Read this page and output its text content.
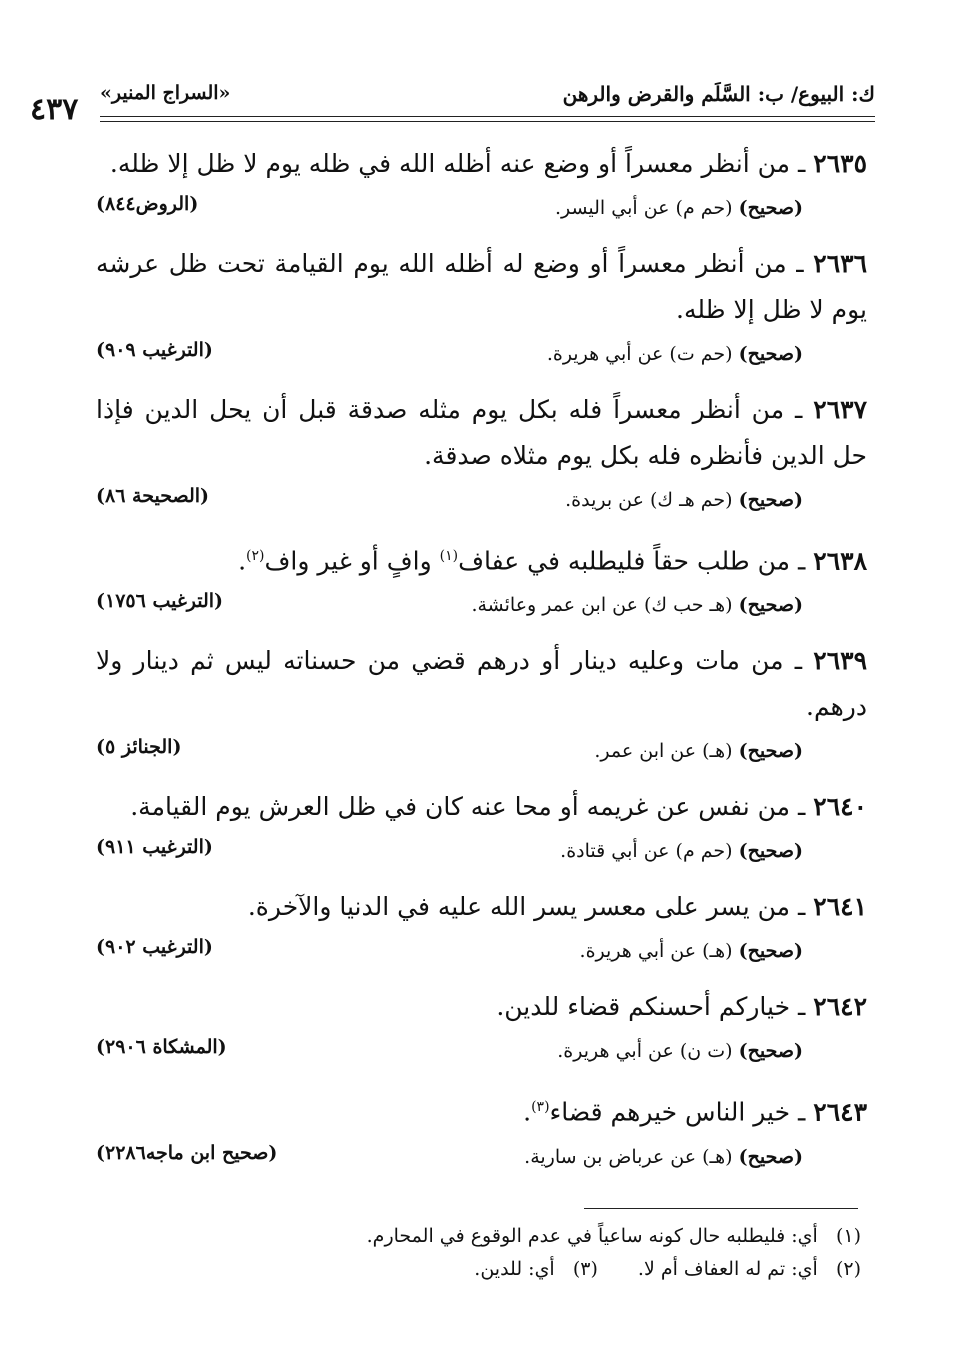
ك: البيوع/ ب: السَّلَم والقرض والرهن
«السراج المنير»
٤٣٧
٢٦٣٥ ـ من أنظر معسراً أو وضع عنه أظله الله في ظله يوم لا ظل إلا ظله.
(صحيح) (حم م) عن أبي اليسر.
(الروض٨٤٤)
٢٦٣٦ ـ من أنظر معسراً أو وضع له أظله الله يوم القيامة تحت ظل عرشه يوم لا ظل إلا ظله.
(صحيح) (حم ت) عن أبي هريرة.
(الترغيب ٩٠٩)
٢٦٣٧ ـ من أنظر معسراً فله بكل يوم مثله صدقة قبل أن يحل الدين فإذا حل الدين فأنظره فله بكل يوم مثلاه صدقة.
(صحيح) (حم هـ ك) عن بريدة.
(الصحيحة ٨٦)
٢٦٣٨ ـ من طلب حقاً فليطلبه في عفاف$^{(١)}$ وافٍ أو غير واف$^{(٢)}$.
(صحيح) (هـ حب ك) عن ابن عمر وعائشة.
(الترغيب ١٧٥٦)
٢٦٣٩ ـ من مات وعليه دينار أو درهم قضي من حسناته ليس ثم دينار ولا درهم.
(صحيح) (هـ) عن ابن عمر.
(الجنائز ٥)
٢٦٤٠ ـ من نفس عن غريمه أو محا عنه كان في ظل العرش يوم القيامة.
(صحيح) (حم م) عن أبي قتادة.
(الترغيب ٩١١)
٢٦٤١ ـ من يسر على معسر يسر الله عليه في الدنيا والآخرة.
(صحيح) (هـ) عن أبي هريرة.
(الترغيب ٩٠٢)
٢٦٤٢ ـ خياركم أحسنكم قضاء للدين.
(صحيح) (ت ن) عن أبي هريرة.
(المشكاة ٢٩٠٦)
٢٦٤٣ ـ خير الناس خيرهم قضاء$^{(٣)}$.
(صحيح) (هـ) عن عرباض بن سارية.
(صحيح ابن ماجه٢٢٨٦)
(١)   أي: فليطلبه حال كونه ساعياً في عدم الوقوع في المحارم.
(٢)   أي: تم له العفاف أم لا.(٣)   أي: للدين.
